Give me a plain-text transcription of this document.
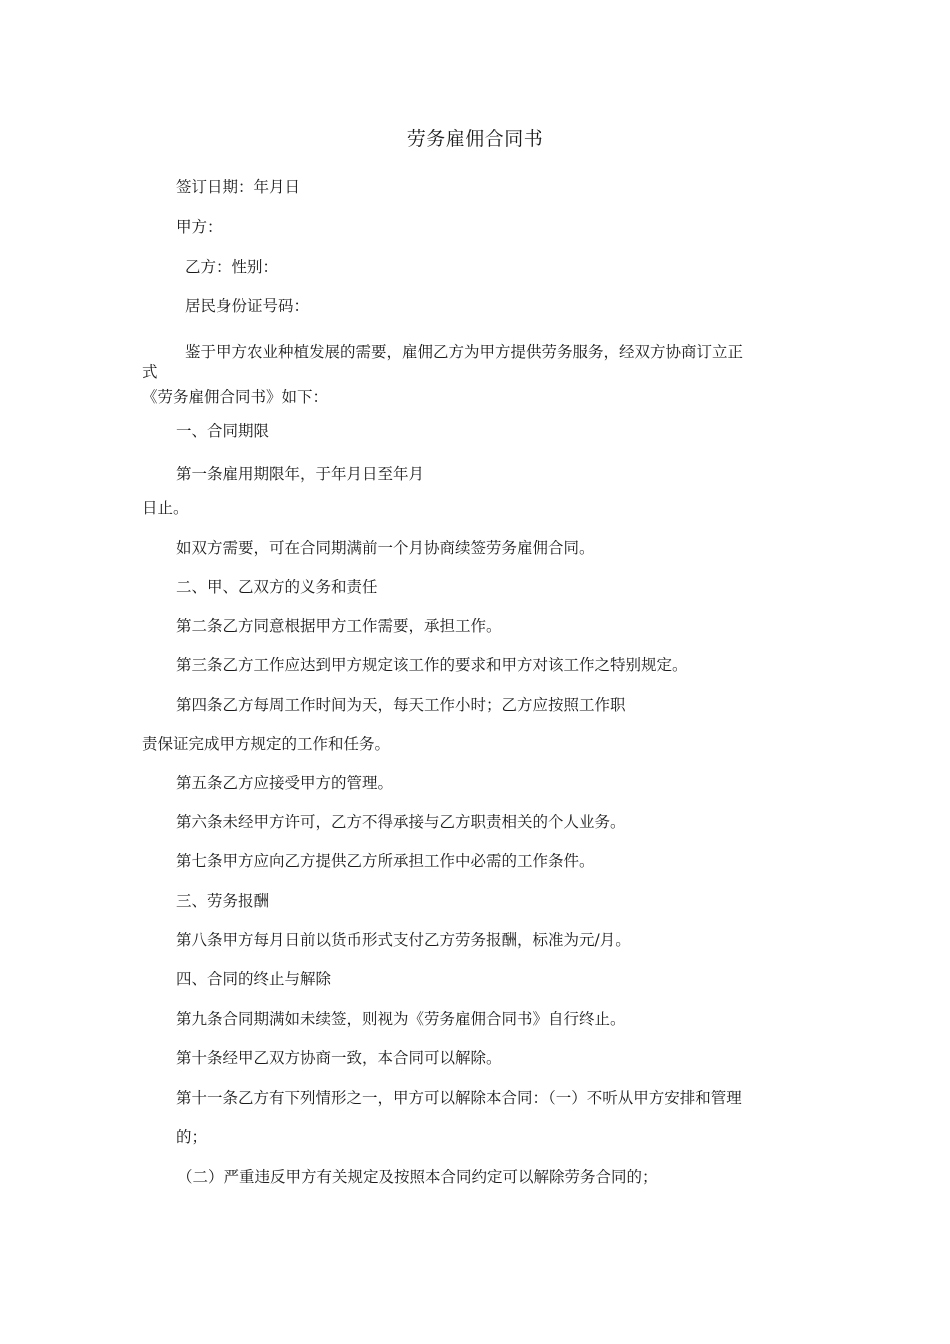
劳务雇佣合同书
签订日期：年月日
甲方：
乙方：性别：
居民身份证号码：
鉴于甲方农业种植发展的需要，雇佣乙方为甲方提供劳务服务，经双方协商订立正
式
《劳务雇佣合同书》如下：
一、合同期限
第一条雇用期限年，于年月日至年月
日止。
如双方需要，可在合同期满前一个月协商续签劳务雇佣合同。
二、甲、乙双方的义务和责任
第二条乙方同意根据甲方工作需要，承担工作。
第三条乙方工作应达到甲方规定该工作的要求和甲方对该工作之特别规定。
第四条乙方每周工作时间为天，每天工作小时；乙方应按照工作职
责保证完成甲方规定的工作和任务。
第五条乙方应接受甲方的管理。
第六条未经甲方许可，乙方不得承接与乙方职责相关的个人业务。
第七条甲方应向乙方提供乙方所承担工作中必需的工作条件。
三、劳务报酬
第八条甲方每月日前以货币形式支付乙方劳务报酬，标准为元/月。
四、合同的终止与解除
第九条合同期满如未续签，则视为《劳务雇佣合同书》自行终止。
第十条经甲乙双方协商一致，本合同可以解除。
第十一条乙方有下列情形之一，甲方可以解除本合同：（一）不听从甲方安排和管理
的；
（二）严重违反甲方有关规定及按照本合同约定可以解除劳务合同的；
